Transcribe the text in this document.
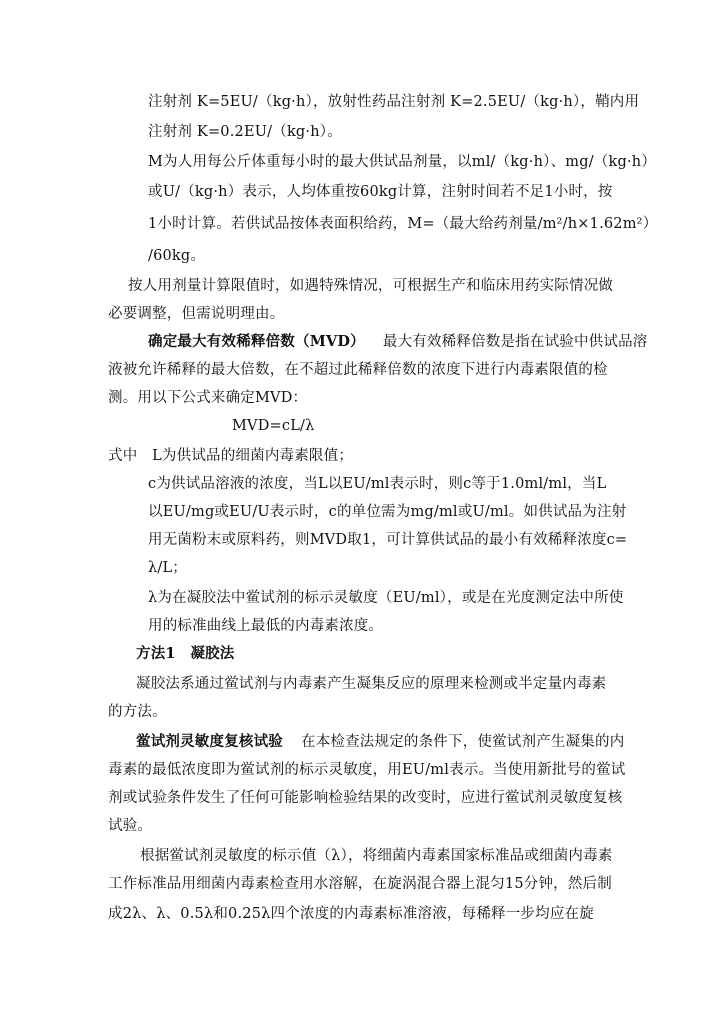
注射剂 K=5EU/（kg·h），放射性药品注射剂 K=2.5EU/（kg·h），鞘内用
注射剂 K=0.2EU/（kg·h）。
M为人用每公斤体重每小时的最大供试品剂量，以ml/（kg·h）、mg/（kg·h）
或U/（kg·h）表示，人均体重按60kg计算，注射时间若不足1小时，按
1小时计算。若供试品按体表面积给药，M=（最大给药剂量/m²/h×1.62m²）
/60kg。
按人用剂量计算限值时，如遇特殊情况，可根据生产和临床用药实际情况做
必要调整，但需说明理由。
确定最大有效稀释倍数（MVD） 最大有效稀释倍数是指在试验中供试品溶
液被允许稀释的最大倍数，在不超过此稀释倍数的浓度下进行内毒素限值的检
测。用以下公式来确定MVD：
MVD=cL/λ
式中　L为供试品的细菌内毒素限值；
c为供试品溶液的浓度，当L以EU/ml表示时，则c等于1.0ml/ml，当L
以EU/mg或EU/U表示时，c的单位需为mg/ml或U/ml。如供试品为注射
用无菌粉末或原料药，则MVD取1，可计算供试品的最小有效稀释浓度c=
λ/L；
λ为在凝胶法中鲎试剂的标示灵敏度（EU/ml），或是在光度测定法中所使
用的标准曲线上最低的内毒素浓度。
方法1　凝胶法
凝胶法系通过鲎试剂与内毒素产生凝集反应的原理来检测或半定量内毒素
的方法。
鲎试剂灵敏度复核试验 在本检查法规定的条件下，使鲎试剂产生凝集的内
毒素的最低浓度即为鲎试剂的标示灵敏度，用EU/ml表示。当使用新批号的鲎试
剂或试验条件发生了任何可能影响检验结果的改变时，应进行鲎试剂灵敏度复核
试验。
根据鲎试剂灵敏度的标示值（λ），将细菌内毒素国家标准品或细菌内毒素
工作标准品用细菌内毒素检查用水溶解，在旋涡混合器上混匀15分钟，然后制
成2λ、λ、0.5λ和0.25λ四个浓度的内毒素标准溶液，每稀释一步均应在旋
